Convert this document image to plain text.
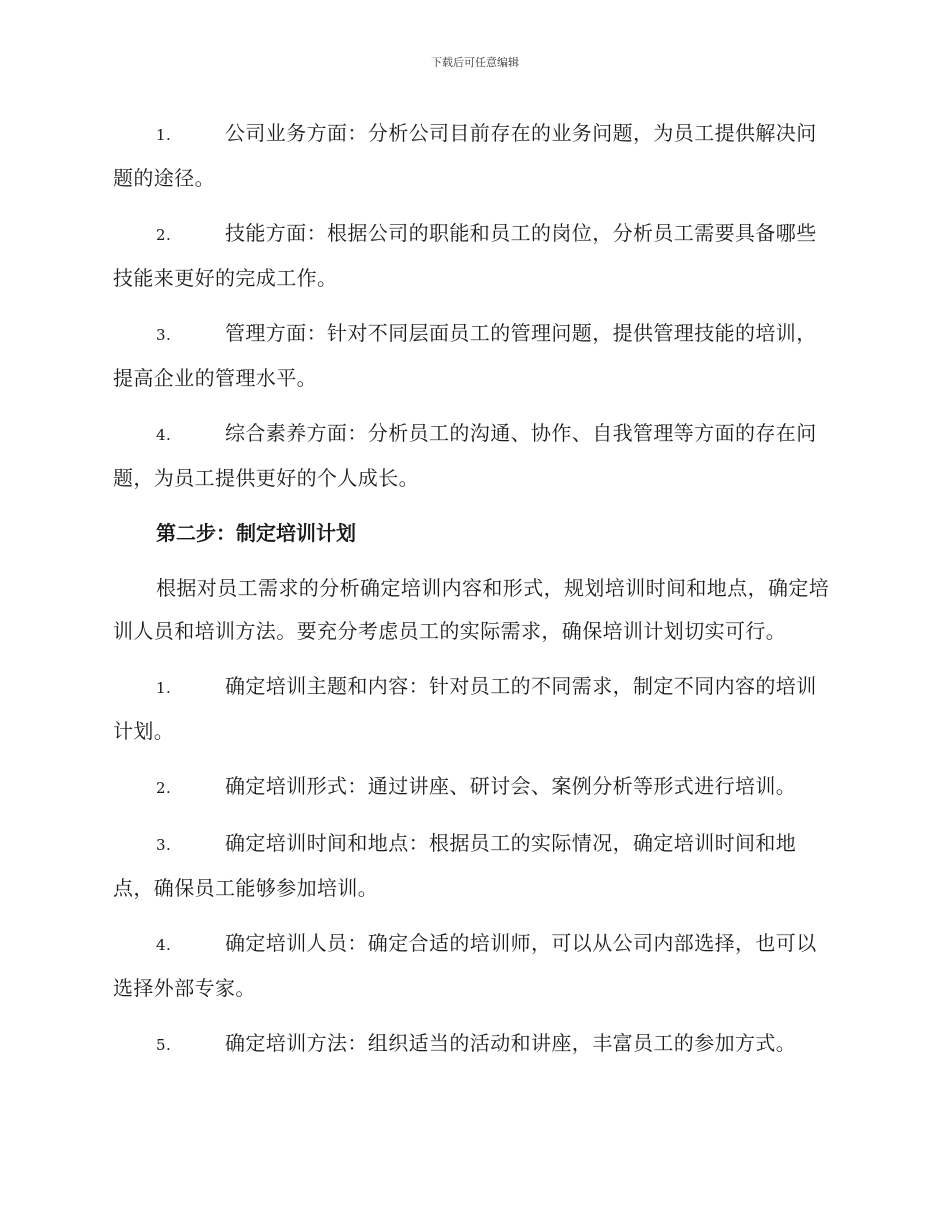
下载后可任意编辑
1.	公司业务方面：分析公司目前存在的业务问题，为员工提供解决问题的途径。
2.	技能方面：根据公司的职能和员工的岗位，分析员工需要具备哪些技能来更好的完成工作。
3.	管理方面：针对不同层面员工的管理问题，提供管理技能的培训，提高企业的管理水平。
4.	综合素养方面：分析员工的沟通、协作、自我管理等方面的存在问题，为员工提供更好的个人成长。
第二步：制定培训计划
根据对员工需求的分析确定培训内容和形式，规划培训时间和地点，确定培训人员和培训方法。要充分考虑员工的实际需求，确保培训计划切实可行。
1.	确定培训主题和内容：针对员工的不同需求，制定不同内容的培训计划。
2.	确定培训形式：通过讲座、研讨会、案例分析等形式进行培训。
3.	确定培训时间和地点：根据员工的实际情况，确定培训时间和地点，确保员工能够参加培训。
4.	确定培训人员：确定合适的培训师，可以从公司内部选择，也可以选择外部专家。
5.	确定培训方法：组织适当的活动和讲座，丰富员工的参加方式。
